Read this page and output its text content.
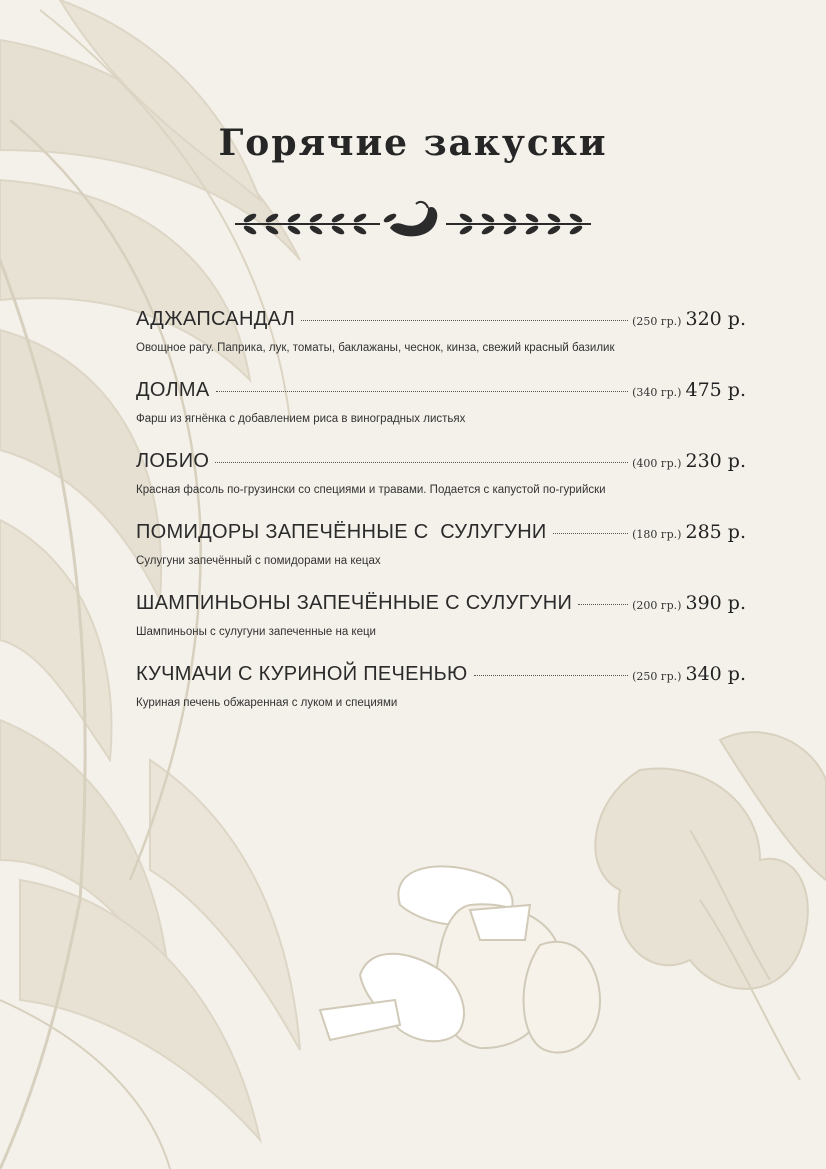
Горячие закуски
АДЖАПСАНДАЛ	(250 гр.) 320 р.
Овощное рагу. Паприка, лук, томаты, баклажаны, чеснок, кинза, свежий красный базилик
ДОЛМА	(340 гр.) 475 р.
Фарш из ягнёнка с добавлением риса в виноградных листьях
ЛОБИО	(400 гр.) 230 р.
Красная фасоль по-грузински со специями и травами. Подается с капустой по-гурийски
ПОМИДОРЫ ЗАПЕЧЁННЫЕ С  СУЛУГУНИ	(180 гр.) 285 р.
Сулугуни запечённый с помидорами на кецах
ШАМПИНЬОНЫ ЗАПЕЧЁННЫЕ С СУЛУГУНИ	(200 гр.) 390 р.
Шампиньоны с сулугуни запеченные на кеци
КУЧМАЧИ С КУРИНОЙ ПЕЧЕНЬЮ	(250 гр.) 340 р.
Куриная печень обжаренная с луком и специями
